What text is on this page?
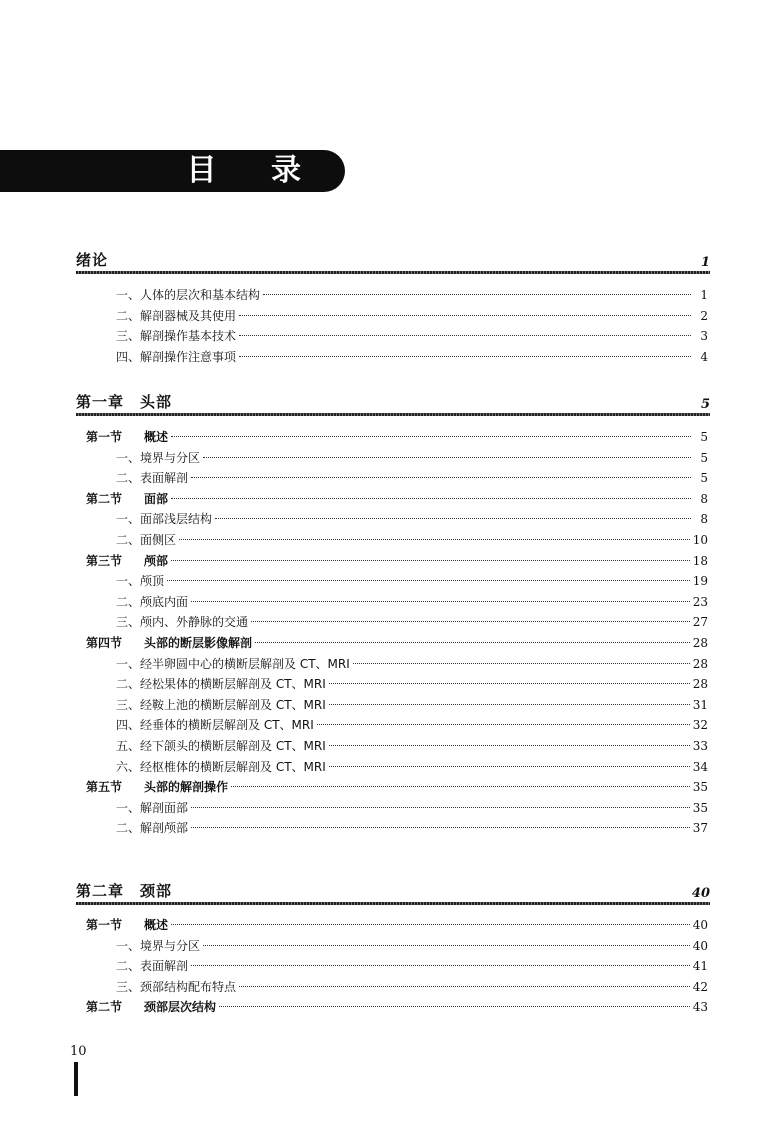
目 录
绪论	1
一、 人体的层次和基本结构	1
二、 解剖器械及其使用	2
三、 解剖操作基本技术	3
四、 解剖操作注意事项	4
第一章　头部	5
第一节	概述	5
一、 境界与分区	5
二、 表面解剖	5
第二节	面部	8
一、 面部浅层结构	8
二、 面侧区	10
第三节	颅部	18
一、 颅顶	19
二、 颅底内面	23
三、 颅内、外静脉的交通	27
第四节	头部的断层影像解剖	28
一、 经半卵圆中心的横断层解剖及 CT、MRI	28
二、 经松果体的横断层解剖及 CT、MRI	28
三、 经鞍上池的横断层解剖及 CT、MRI	31
四、 经垂体的横断层解剖及 CT、MRI	32
五、 经下颌头的横断层解剖及 CT、MRI	33
六、 经枢椎体的横断层解剖及 CT、MRI	34
第五节	头部的解剖操作	35
一、 解剖面部	35
二、 解剖颅部	37
第二章　颈部	40
第一节	概述	40
一、 境界与分区	40
二、 表面解剖	41
三、 颈部结构配布特点	42
第二节	颈部层次结构	43
10
